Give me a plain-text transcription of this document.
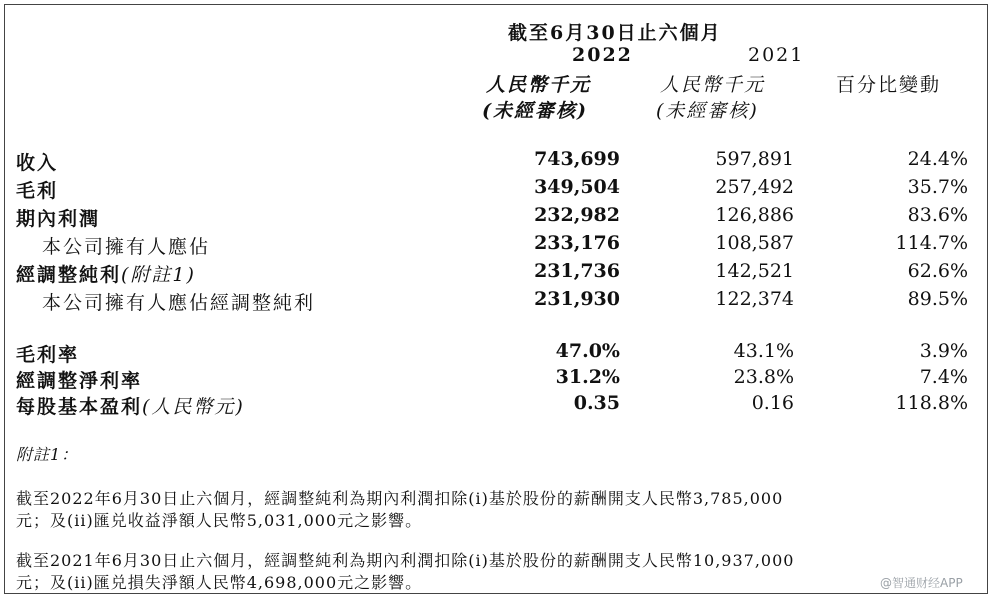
截至6月30日止六個月
2022	2021
人民幣千元	人民幣千元	百分比變動
(未經審核)	(未經審核)
收入	743,699	597,891	24.4%
毛利	349,504	257,492	35.7%
期內利潤	232,982	126,886	83.6%
本公司擁有人應佔	233,176	108,587	114.7%
經調整純利(附註1)	231,736	142,521	62.6%
本公司擁有人應佔經調整純利	231,930	122,374	89.5%
毛利率	47.0%	43.1%	3.9%
經調整淨利率	31.2%	23.8%	7.4%
每股基本盈利(人民幣元)	0.35	0.16	118.8%
附註1：
截至2022年6月30日止六個月，經調整純利為期內利潤扣除(i)基於股份的薪酬開支人民幣3,785,000
元；及(ii)匯兑收益淨額人民幣5,031,000元之影響。
截至2021年6月30日止六個月，經調整純利為期內利潤扣除(i)基於股份的薪酬開支人民幣10,937,000
元；及(ii)匯兑損失淨額人民幣4,698,000元之影響。	@智通财经APP
